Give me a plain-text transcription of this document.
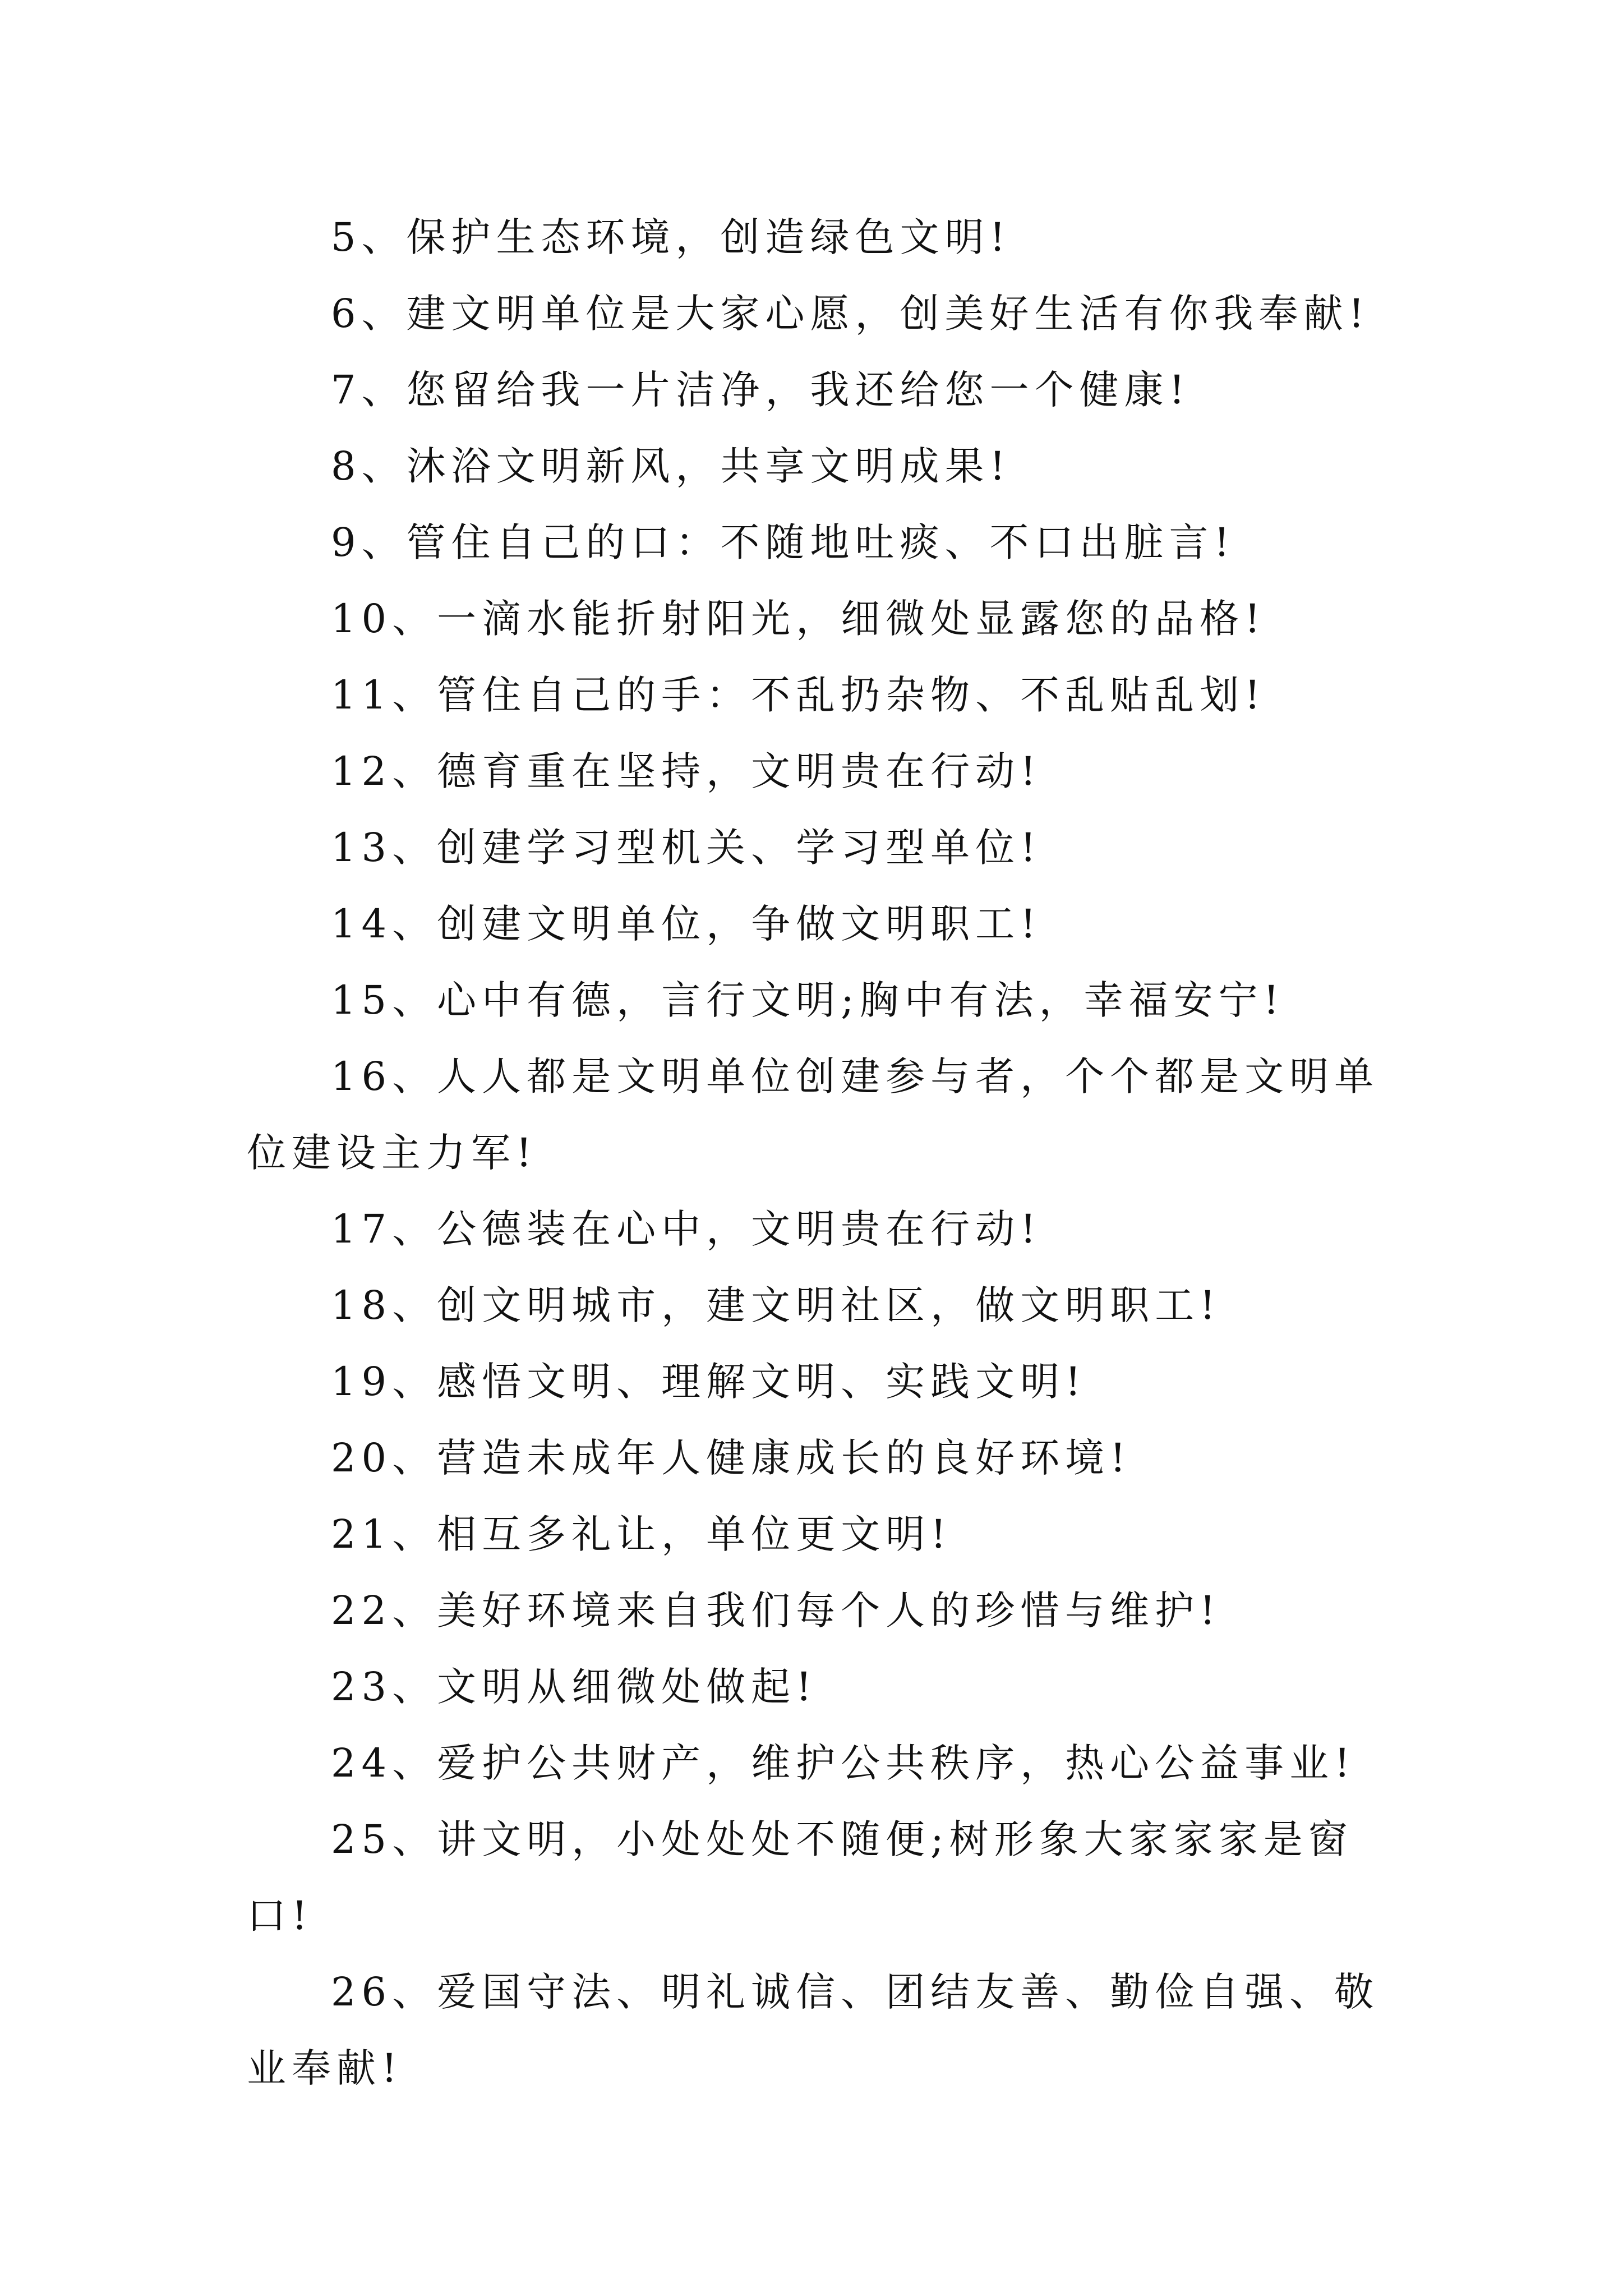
5、保护生态环境，创造绿色文明!

6、建文明单位是大家心愿，创美好生活有你我奉献!

7、您留给我一片洁净，我还给您一个健康!

8、沐浴文明新风，共享文明成果!

9、管住自己的口：不随地吐痰、不口出脏言!

10、一滴水能折射阳光，细微处显露您的品格!

11、管住自己的手：不乱扔杂物、不乱贴乱划!

12、德育重在坚持，文明贵在行动!

13、创建学习型机关、学习型单位!

14、创建文明单位，争做文明职工!

15、心中有德，言行文明;胸中有法，幸福安宁!

16、人人都是文明单位创建参与者，个个都是文明单位建设主力军!

17、公德装在心中，文明贵在行动!

18、创文明城市，建文明社区，做文明职工!

19、感悟文明、理解文明、实践文明!

20、营造未成年人健康成长的良好环境!

21、相互多礼让，单位更文明!

22、美好环境来自我们每个人的珍惜与维护!

23、文明从细微处做起!

24、爱护公共财产，维护公共秩序，热心公益事业!

25、讲文明，小处处处不随便;树形象大家家家是窗口!

26、爱国守法、明礼诚信、团结友善、勤俭自强、敬业奉献!
